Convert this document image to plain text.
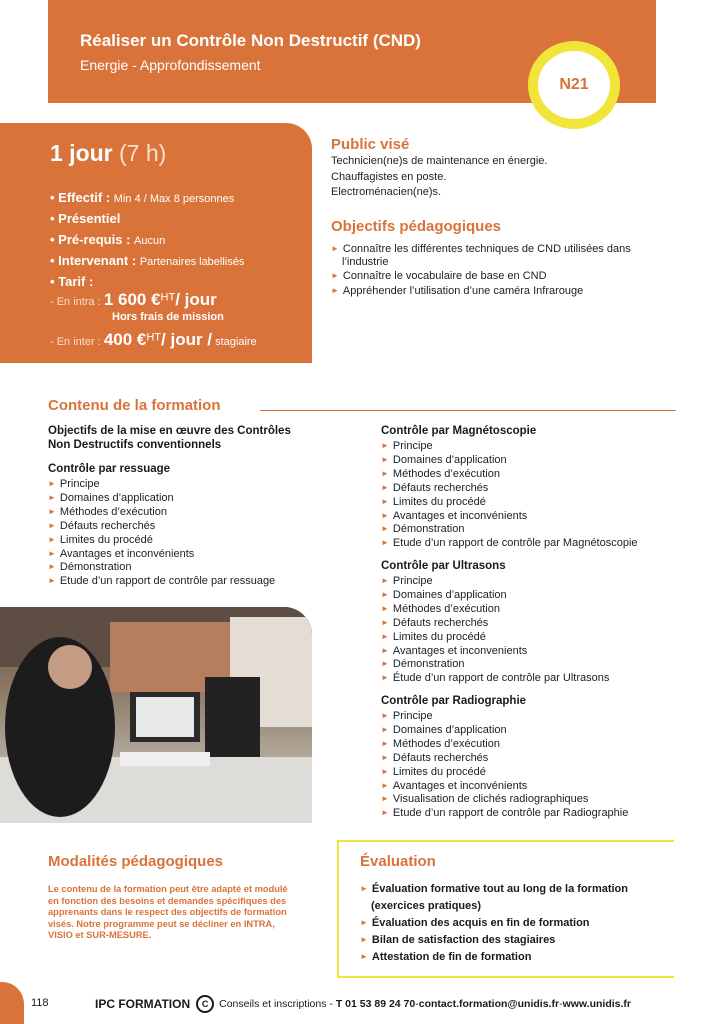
Réaliser un Contrôle Non Destructif (CND)
Energie - Approfondissement
N21
1 jour (7 h)
• Effectif : Min 4 / Max 8 personnes
• Présentiel
• Pré-requis : Aucun
• Intervenant : Partenaires labellisés
• Tarif :
- En intra : 1 600 €$^{HT}$/ jour
Hors frais de mission
- En inter : 400 €$^{HT}$/ jour / stagiaire
Public visé
Technicien(ne)s de maintenance en énergie.
Chauffagistes en poste.
Electroménacien(ne)s.
Objectifs pédagogiques
► Connaître les différentes techniques de CND utilisées dans
l’industrie
► Connaître le vocabulaire de base en CND
► Appréhender l’utilisation d’une caméra Infrarouge
Contenu de la formation
Objectifs de la mise en œuvre des Contrôles
Non Destructifs conventionnels
Contrôle par ressuage
► Principe
► Domaines d’application
► Méthodes d’exécution
► Défauts recherchés
► Limites du procédé
► Avantages et inconvénients
► Démonstration
► Etude d’un rapport de contrôle par ressuage
Contrôle par Magnétoscopie
► Principe
► Domaines d’application
► Méthodes d’exécution
► Défauts recherchés
► Limites du procédé
► Avantages et inconvénients
► Démonstration
► Etude d’un rapport de contrôle par Magnétoscopie
Contrôle par Ultrasons
► Principe
► Domaines d’application
► Méthodes d’exécution
► Défauts recherchés
► Limites du procédé
► Avantages et inconvenients
► Démonstration
► Étude d’un rapport de contrôle par Ultrasons
Contrôle par Radiographie
► Principe
► Domaines d’application
► Méthodes d’exécution
► Défauts recherchés
► Limites du procédé
► Avantages et inconvénients
► Visualisation de clichés radiographiques
► Etude d’un rapport de contrôle par Radiographie
Modalités pédagogiques
Le contenu de la formation peut être adapté et modulé
en fonction des besoins et demandes spécifiques des
apprenants dans le respect des objectifs de formation
visés. Notre programme peut se décliner en INTRA,
VISIO et SUR-MESURE.
Évaluation
► Évaluation formative tout au long de la formation
(exercices pratiques)
► Évaluation des acquis en fin de formation
► Bilan de satisfaction des stagiaires
► Attestation de fin de formation
118	IPC FORMATION C Conseils et inscriptions -
T 01 53 89 24 70 - contact.formation@unidis.fr - www.unidis.fr
